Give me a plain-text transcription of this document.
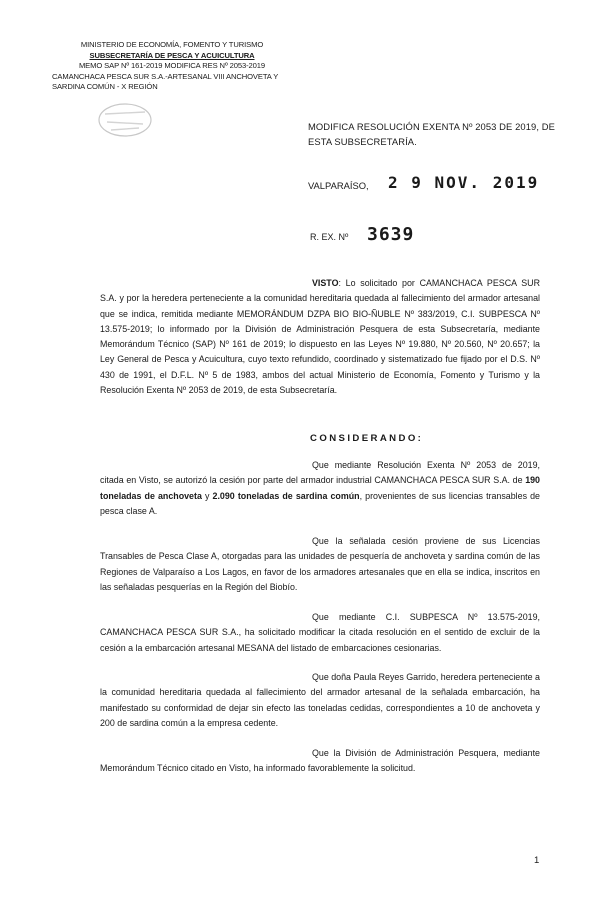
MINISTERIO DE ECONOMÍA, FOMENTO Y TURISMO
SUBSECRETARÍA DE PESCA Y ACUICULTURA
MEMO SAP Nº 161-2019 MODIFICA RES Nº 2053-2019
CAMANCHACA PESCA SUR S.A.-ARTESANAL VIII ANCHOVETA Y
SARDINA COMÚN - X REGIÓN
MODIFICA RESOLUCIÓN EXENTA Nº 2053 DE 2019, DE ESTA SUBSECRETARÍA.
VALPARAÍSO, 2 9 NOV. 2019
R. EX. Nº 3639
VISTO: Lo solicitado por CAMANCHACA PESCA SUR S.A. y por la heredera perteneciente a la comunidad hereditaria quedada al fallecimiento del armador artesanal que se indica, remitida mediante MEMORÁNDUM DZPA BIO BIO-ÑUBLE Nº 383/2019, C.I. SUBPESCA Nº 13.575-2019; lo informado por la División de Administración Pesquera de esta Subsecretaría, mediante Memorándum Técnico (SAP) Nº 161 de 2019; lo dispuesto en las Leyes Nº 19.880, Nº 20.560, Nº 20.657; la Ley General de Pesca y Acuicultura, cuyo texto refundido, coordinado y sistematizado fue fijado por el D.S. Nº 430 de 1991, el D.F.L. Nº 5 de 1983, ambos del actual Ministerio de Economía, Fomento y Turismo y la Resolución Exenta Nº 2053 de 2019, de esta Subsecretaría.
CONSIDERANDO:
Que mediante Resolución Exenta Nº 2053 de 2019, citada en Visto, se autorizó la cesión por parte del armador industrial CAMANCHACA PESCA SUR S.A. de 190 toneladas de anchoveta y 2.090 toneladas de sardina común, provenientes de sus licencias transables de pesca clase A.
Que la señalada cesión proviene de sus Licencias Transables de Pesca Clase A, otorgadas para las unidades de pesquería de anchoveta y sardina común de las Regiones de Valparaíso a Los Lagos, en favor de los armadores artesanales que en ella se indica, inscritos en las señaladas pesquerías en la Región del Biobío.
Que mediante C.I. SUBPESCA Nº 13.575-2019, CAMANCHACA PESCA SUR S.A., ha solicitado modificar la citada resolución en el sentido de excluir de la cesión a la embarcación artesanal MESANA del listado de embarcaciones cesionarias.
Que doña Paula Reyes Garrido, heredera perteneciente a la comunidad hereditaria quedada al fallecimiento del armador artesanal de la señalada embarcación, ha manifestado su conformidad de dejar sin efecto las toneladas cedidas, correspondientes a 10 de anchoveta y 200 de sardina común a la empresa cedente.
Que la División de Administración Pesquera, mediante Memorándum Técnico citado en Visto, ha informado favorablemente la solicitud.
1
